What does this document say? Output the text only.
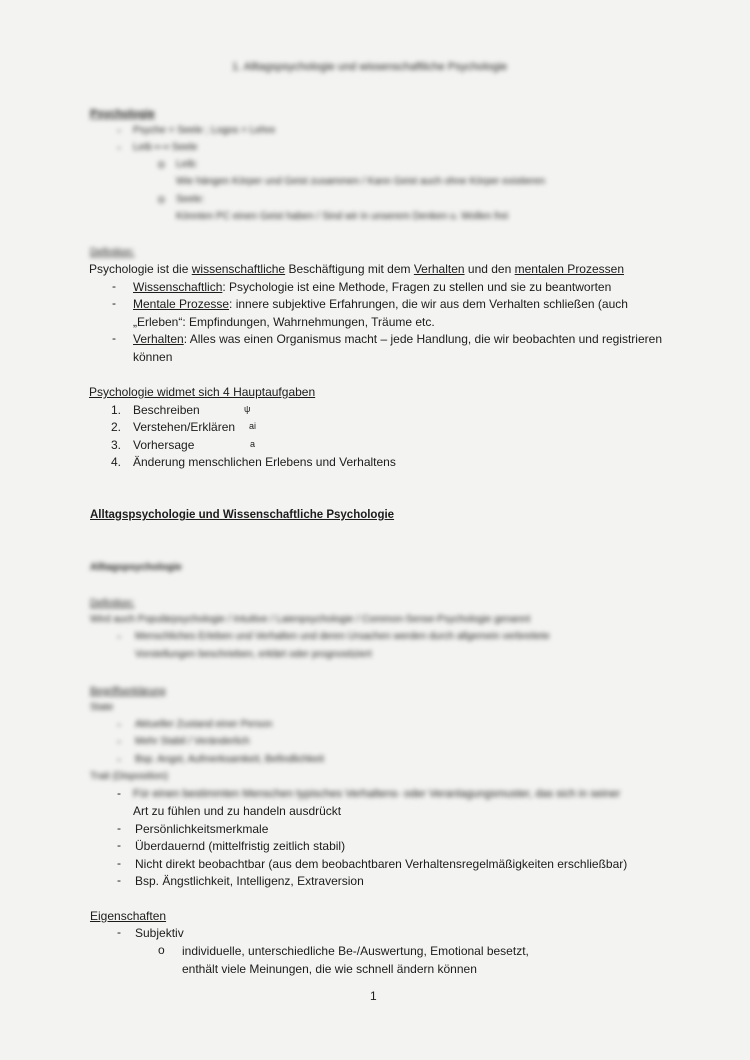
1. Alltagspsychologie und wissenschaftliche Psychologie
Psychologie
- Psyche = Seele ; Logos = Lehre
- Leib ⟷ Seele
o Leib:
Wie hängen Körper und Geist zusammen / Kann Geist auch ohne Körper existieren
o Seele:
Könnten PC einen Geist haben / Sind wir in unserem Denken u. Wollen frei
Definition:
Psychologie ist die wissenschaftliche Beschäftigung mit dem Verhalten und den mentalen Prozessen
- Wissenschaftlich: Psychologie ist eine Methode, Fragen zu stellen und sie zu beantworten
- Mentale Prozesse: innere subjektive Erfahrungen, die wir aus dem Verhalten schließen (auch
„Erleben“: Empfindungen, Wahrnehmungen, Träume etc.
- Verhalten: Alles was einen Organismus macht – jede Handlung, die wir beobachten und registrieren
können
Psychologie widmet sich 4 Hauptaufgaben
1. Beschreiben	ψ
2. Verstehen/Erklären ai
3. Vorhersage	a
4. Änderung menschlichen Erlebens und Verhaltens
Alltagspsychologie und Wissenschaftliche Psychologie
Alltagspsychologie
Definition:
Wird auch Populärpsychologie / Intuitive / Laienpsychologie / Common-Sense-Psychologie genannt
- Menschliches Erleben und Verhalten und deren Ursachen werden durch allgemein verbreitete
Vorstellungen beschrieben, erklärt oder prognostiziert
Begriffserklärung
State
- Aktueller Zustand einer Person
- Mehr Stabil / Veränderlich
- Bsp. Angst, Aufmerksamkeit, Befindlichkeit
Trait (Disposition)
Für einen bestimmten Menschen typisches Verhaltens- oder Veranlagungsmuster, das sich in seiner
-
Art zu fühlen und zu handeln ausdrückt
- Persönlichkeitsmerkmale
- Überdauernd (mittelfristig zeitlich stabil)
- Nicht direkt beobachtbar (aus dem beobachtbaren Verhaltensregelmäßigkeiten erschließbar)
- Bsp. Ängstlichkeit, Intelligenz, Extraversion
Eigenschaften
- Subjektiv
o individuelle, unterschiedliche Be-/Auswertung, Emotional besetzt,
enthält viele Meinungen, die wie schnell ändern können
1
